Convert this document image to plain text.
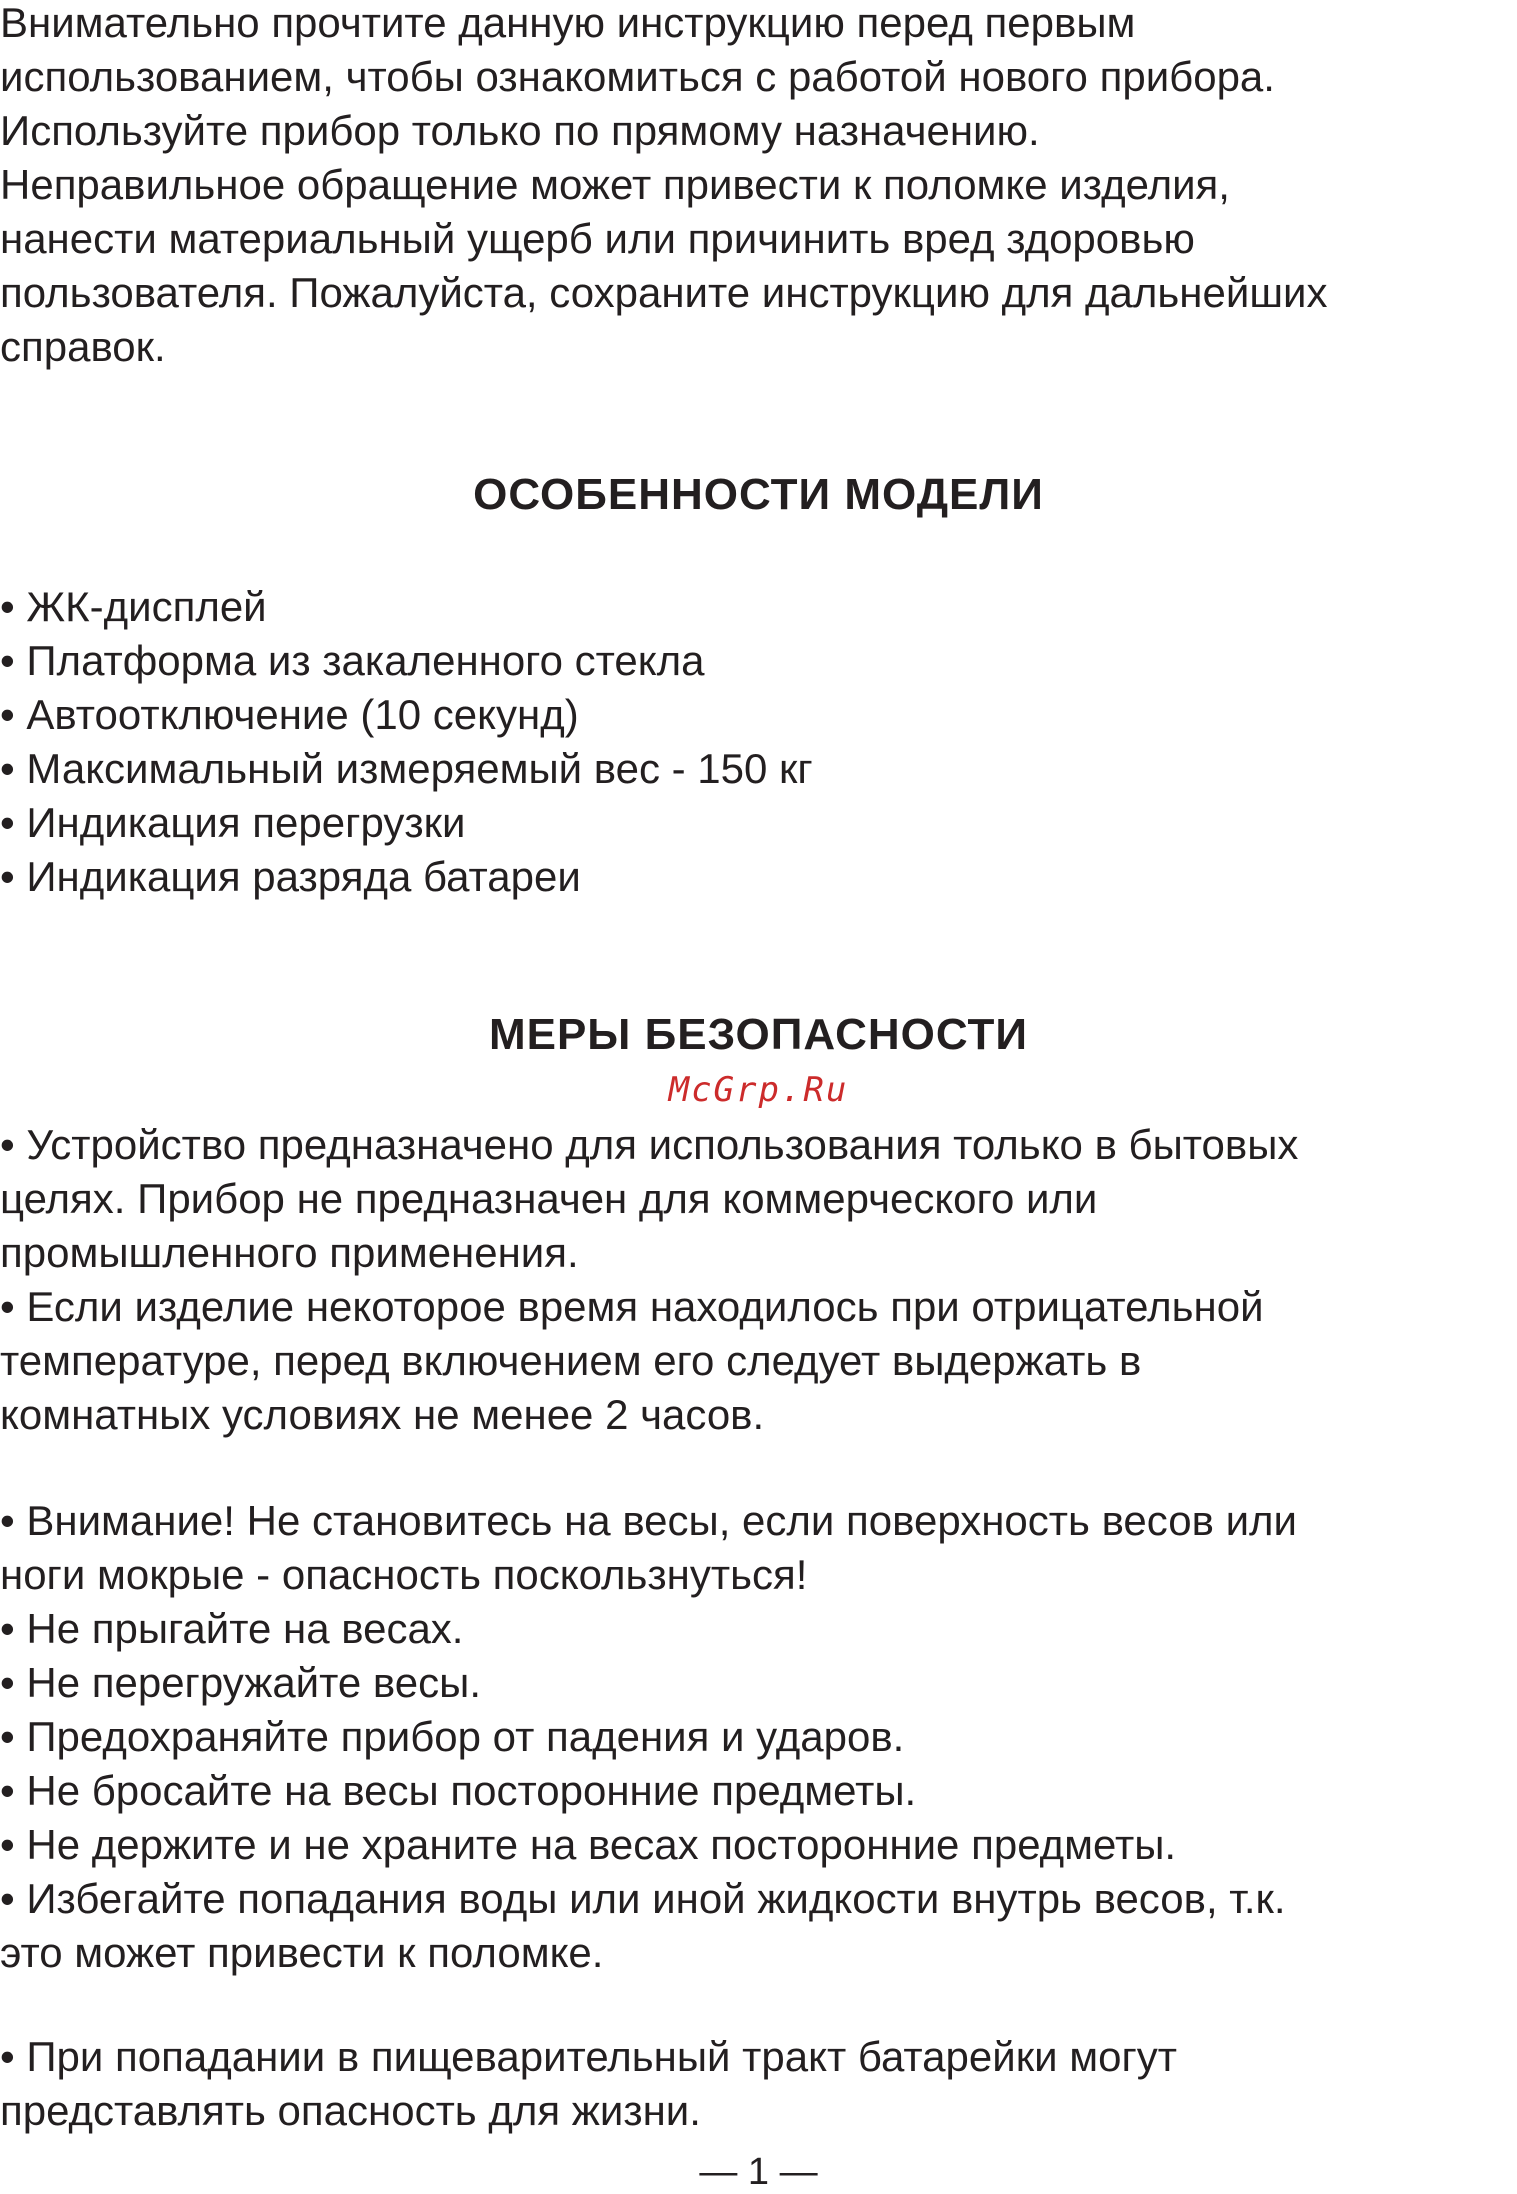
Внимательно прочтите данную инструкцию перед первым
использованием, чтобы ознакомиться с работой нового прибора.
Используйте прибор только по прямому назначению.
Неправильное обращение может привести к поломке изделия,
нанести материальный ущерб или причинить вред здоровью
пользователя. Пожалуйста, сохраните инструкцию для дальнейших
справок.
ОСОБЕННОСТИ МОДЕЛИ
• ЖК-дисплей
• Платформа из закаленного стекла
• Автоотключение (10 секунд)
• Максимальный измеряемый вес - 150 кг
• Индикация перегрузки
• Индикация разряда батареи
МЕРЫ БЕЗОПАСНОСТИ
McGrp.Ru
• Устройство предназначено для использования только в бытовых
целях. Прибор не предназначен для коммерческого или
промышленного применения.
• Если изделие некоторое время находилось при отрицательной
температуре, перед включением его следует выдержать в
комнатных условиях не менее 2 часов.
• Внимание! Не становитесь на весы, если поверхность весов или
ноги мокрые - опасность поскользнуться!
• Не прыгайте на весах.
• Не перегружайте весы.
• Предохраняйте прибор от падения и ударов.
• Не бросайте на весы посторонние предметы.
• Не держите и не храните на весах посторонние предметы.
• Избегайте попадания воды или иной жидкости внутрь весов, т.к.
это может привести к поломке.
• При попадании в пищеварительный тракт батарейки могут
представлять опасность для жизни.
— 1 —
